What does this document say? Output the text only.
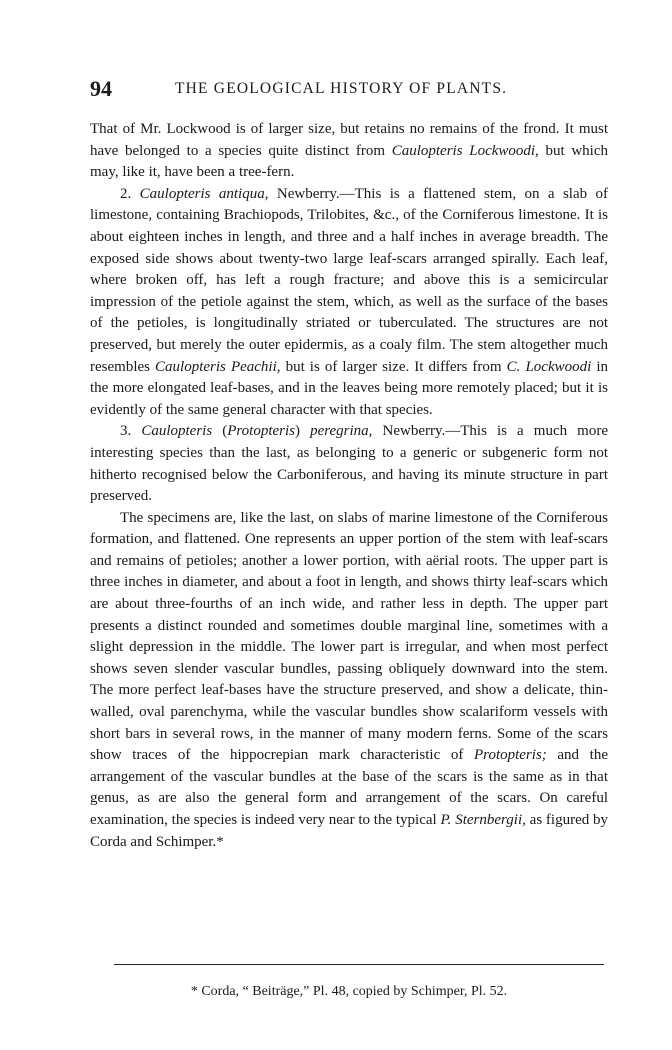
94	THE GEOLOGICAL HISTORY OF PLANTS.

That of Mr. Lockwood is of larger size, but retains no remains of the frond. It must have belonged to a species quite distinct from Caulopteris Lockwoodi, but which may, like it, have been a tree-fern.

2. Caulopteris antiqua, Newberry.—This is a flattened stem, on a slab of limestone, containing Brachiopods, Trilobites, &c., of the Corniferous limestone. It is about eighteen inches in length, and three and a half inches in average breadth. The exposed side shows about twenty-two large leaf-scars arranged spirally. Each leaf, where broken off, has left a rough fracture; and above this is a semicircular impression of the petiole against the stem, which, as well as the surface of the bases of the petioles, is longitudinally striated or tuberculated. The structures are not preserved, but merely the outer epidermis, as a coaly film. The stem altogether much resembles Caulopteris Peachii, but is of larger size. It differs from C. Lockwoodi in the more elongated leaf-bases, and in the leaves being more remotely placed; but it is evidently of the same general character with that species.

3. Caulopteris (Protopteris) peregrina, Newberry.—This is a much more interesting species than the last, as belonging to a generic or subgeneric form not hitherto recognised below the Carboniferous, and having its minute structure in part preserved.

The specimens are, like the last, on slabs of marine limestone of the Corniferous formation, and flattened. One represents an upper portion of the stem with leaf-scars and remains of petioles; another a lower portion, with aërial roots. The upper part is three inches in diameter, and about a foot in length, and shows thirty leaf-scars which are about three-fourths of an inch wide, and rather less in depth. The upper part presents a distinct rounded and sometimes double marginal line, sometimes with a slight depression in the middle. The lower part is irregular, and when most perfect shows seven slender vascular bundles, passing obliquely downward into the stem. The more perfect leaf-bases have the structure preserved, and show a delicate, thin-walled, oval parenchyma, while the vascular bundles show scalariform vessels with short bars in several rows, in the manner of many modern ferns. Some of the scars show traces of the hippocrepian mark characteristic of Protopteris; and the arrangement of the vascular bundles at the base of the scars is the same as in that genus, as are also the general form and arrangement of the scars. On careful examination, the species is indeed very near to the typical P. Sternbergii, as figured by Corda and Schimper.*

* Corda, “ Beiträge,” Pl. 48, copied by Schimper, Pl. 52.
